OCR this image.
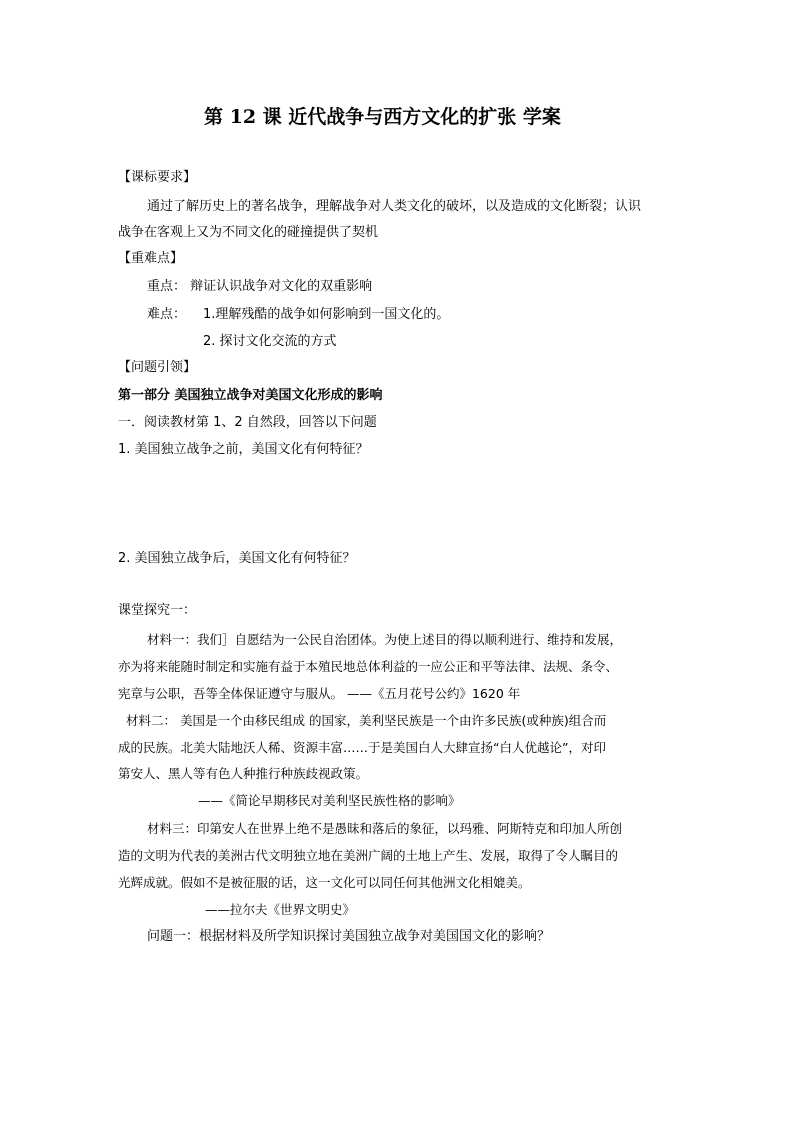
第 12 课 近代战争与西方文化的扩张 学案
【课标要求】
通过了解历史上的著名战争，理解战争对人类文化的破坏，以及造成的文化断裂；认识
战争在客观上又为不同文化的碰撞提供了契机
【重难点】
重点： 辩证认识战争对文化的双重影响
难点： 1.理解残酷的战争如何影响到一国文化的。
2. 探讨文化交流的方式
【问题引领】
第一部分 美国独立战争对美国文化形成的影响
一．阅读教材第 1、2 自然段，回答以下问题
1. 美国独立战争之前，美国文化有何特征？
2. 美国独立战争后，美国文化有何特征？
课堂探究一：
材料一：我们］自愿结为一公民自治团体。为使上述目的得以顺利进行、维持和发展，
亦为将来能随时制定和实施有益于本殖民地总体利益的一应公正和平等法律、法规、条令、
宪章与公职，吾等全体保证遵守与服从。 ——《五月花号公约》1620 年
材料二： 美国是一个由移民组成 的国家，美利坚民族是一个由许多民族(或种族)组合而
成的民族。北美大陆地沃人稀、资源丰富……于是美国白人大肆宣扬“白人优越论”，对印
第安人、黑人等有色人种推行种族歧视政策。
——《简论早期移民对美利坚民族性格的影响》
材料三：印第安人在世界上绝不是愚昧和落后的象征，以玛雅、阿斯特克和印加人所创
造的文明为代表的美洲古代文明独立地在美洲广阔的土地上产生、发展，取得了令人瞩目的
光辉成就。假如不是被征服的话，这一文化可以同任何其他洲文化相媲美。
——拉尔夫《世界文明史》
问题一：根据材料及所学知识探讨美国独立战争对美国国文化的影响？
